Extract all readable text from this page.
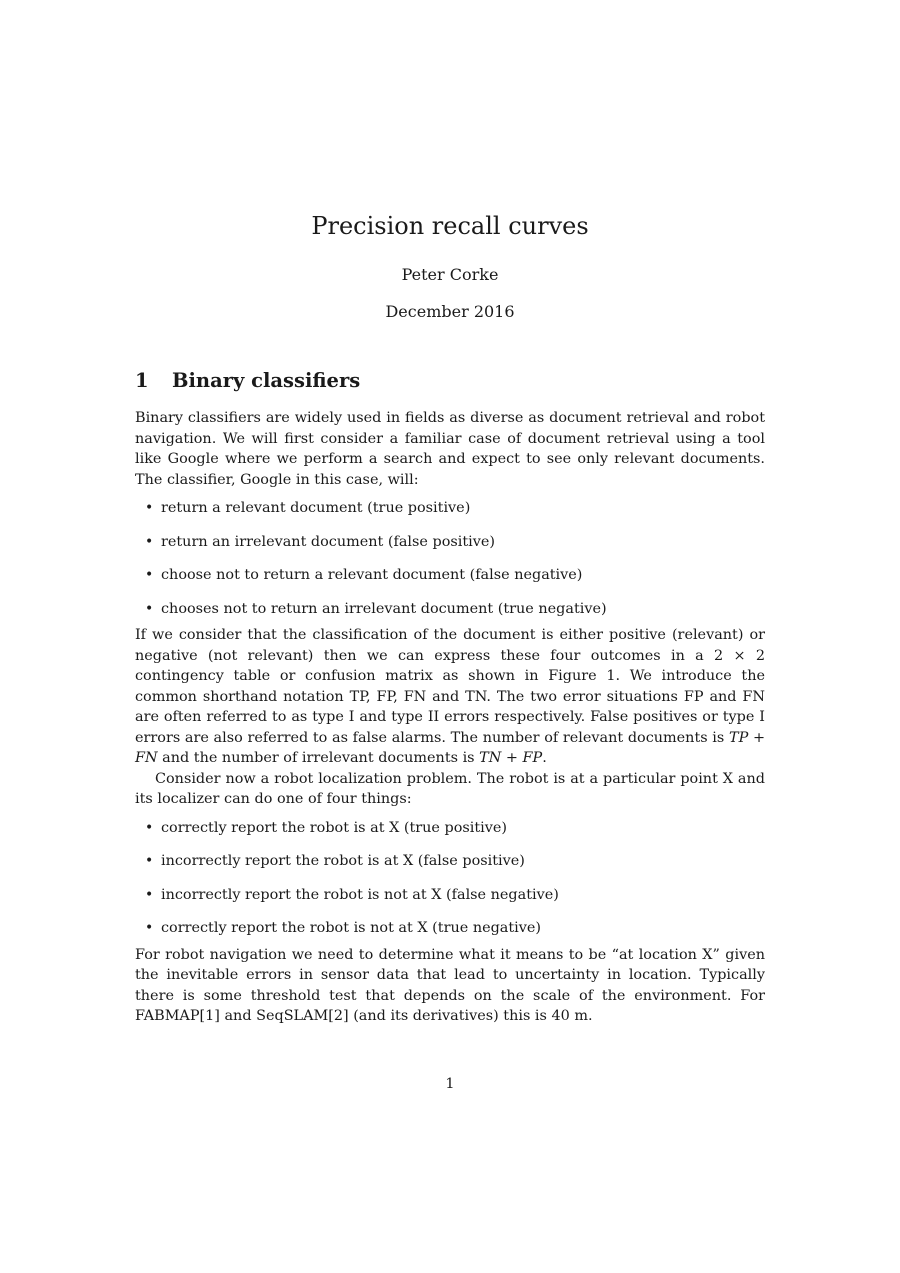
Precision recall curves
Peter Corke
December 2016
1 Binary classifiers

Binary classifiers are widely used in fields as diverse as document retrieval and robot navigation. We will first consider a familiar case of document retrieval using a tool like Google where we perform a search and expect to see only relevant documents. The classifier, Google in this case, will:

• return a relevant document (true positive)
• return an irrelevant document (false positive)
• choose not to return a relevant document (false negative)
• chooses not to return an irrelevant document (true negative)

If we consider that the classification of the document is either positive (relevant) or negative (not relevant) then we can express these four outcomes in a 2 × 2 contingency table or confusion matrix as shown in Figure 1. We introduce the common shorthand notation TP, FP, FN and TN. The two error situations FP and FN are often referred to as type I and type II errors respectively. False positives or type I errors are also referred to as false alarms. The number of relevant documents is TP + FN and the number of irrelevant documents is TN + FP.

Consider now a robot localization problem. The robot is at a particular point X and its localizer can do one of four things:

• correctly report the robot is at X (true positive)
• incorrectly report the robot is at X (false positive)
• incorrectly report the robot is not at X (false negative)
• correctly report the robot is not at X (true negative)

For robot navigation we need to determine what it means to be “at location X” given the inevitable errors in sensor data that lead to uncertainty in location. Typically there is some threshold test that depends on the scale of the environment. For FABMAP[1] and SeqSLAM[2] (and its derivatives) this is 40 m.

1
